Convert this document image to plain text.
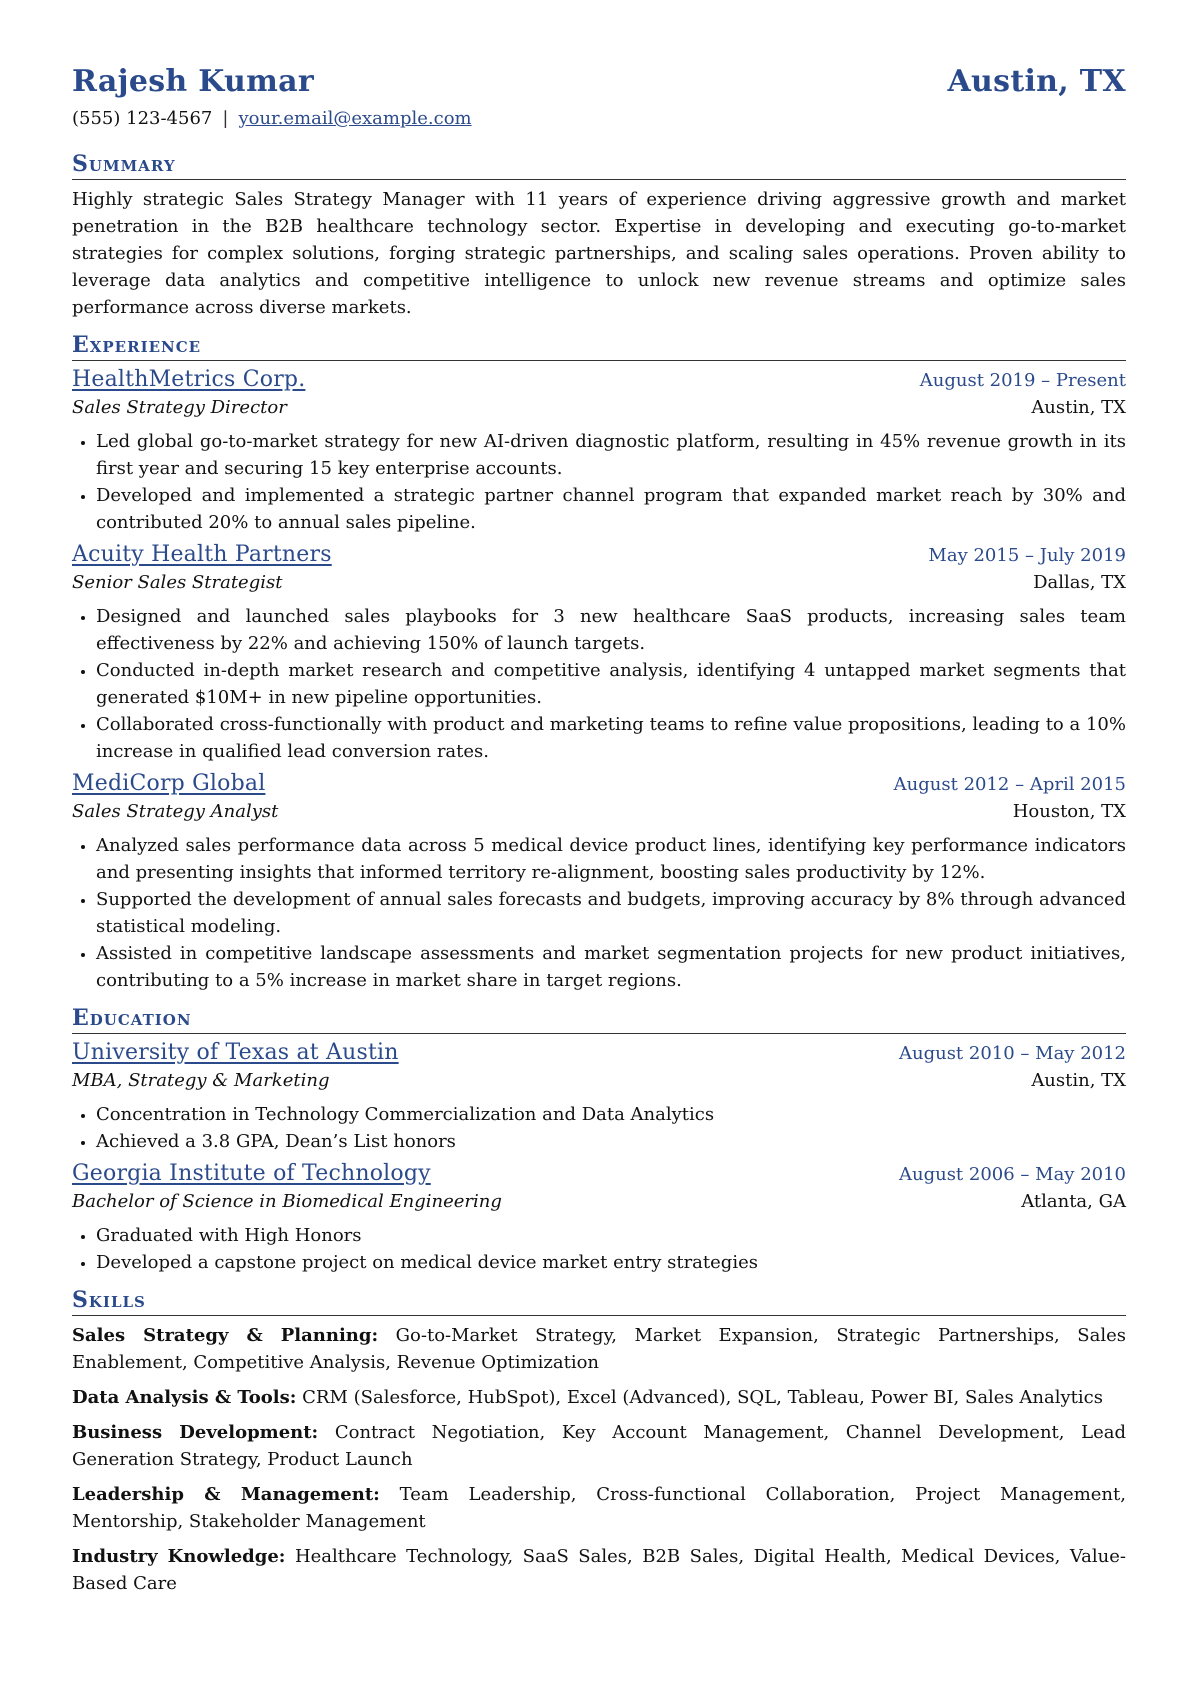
Rajesh Kumar	Austin, TX
(555) 123-4567 | your.email@example.com
Summary

Highly strategic Sales Strategy Manager with 11 years of experience driving aggressive growth and market penetration in the B2B healthcare technology sector. Expertise in developing and executing go-to-market strategies for complex solutions, forging strategic partnerships, and scaling sales operations. Proven ability to leverage data analytics and competitive intelligence to unlock new revenue streams and optimize sales performance across diverse markets.

Experience
HealthMetrics Corp.	August 2019 – Present
Sales Strategy Director	Austin, TX
• Led global go-to-market strategy for new AI-driven diagnostic platform, resulting in 45% revenue growth in its first year and securing 15 key enterprise accounts.
• Developed and implemented a strategic partner channel program that expanded market reach by 30% and contributed 20% to annual sales pipeline.
Acuity Health Partners	May 2015 – July 2019
Senior Sales Strategist	Dallas, TX
• Designed and launched sales playbooks for 3 new healthcare SaaS products, increasing sales team effectiveness by 22% and achieving 150% of launch targets.
• Conducted in-depth market research and competitive analysis, identifying 4 untapped market segments that generated $10M+ in new pipeline opportunities.
• Collaborated cross-functionally with product and marketing teams to refine value propositions, leading to a 10% increase in qualified lead conversion rates.
MediCorp Global	August 2012 – April 2015
Sales Strategy Analyst	Houston, TX
• Analyzed sales performance data across 5 medical device product lines, identifying key performance indicators and presenting insights that informed territory re-alignment, boosting sales productivity by 12%.
• Supported the development of annual sales forecasts and budgets, improving accuracy by 8% through advanced statistical modeling.
• Assisted in competitive landscape assessments and market segmentation projects for new product initiatives, contributing to a 5% increase in market share in target regions.
Education
University of Texas at Austin	August 2010 – May 2012
MBA, Strategy & Marketing	Austin, TX
• Concentration in Technology Commercialization and Data Analytics
• Achieved a 3.8 GPA, Dean’s List honors
Georgia Institute of Technology	August 2006 – May 2010
Bachelor of Science in Biomedical Engineering	Atlanta, GA
• Graduated with High Honors
• Developed a capstone project on medical device market entry strategies
Skills

Sales Strategy & Planning: Go-to-Market Strategy, Market Expansion, Strategic Partnerships, Sales Enablement, Competitive Analysis, Revenue Optimization

Data Analysis & Tools: CRM (Salesforce, HubSpot), Excel (Advanced), SQL, Tableau, Power BI, Sales Analytics

Business Development: Contract Negotiation, Key Account Management, Channel Development, Lead Generation Strategy, Product Launch

Leadership & Management: Team Leadership, Cross-functional Collaboration, Project Management, Mentorship, Stakeholder Management

Industry Knowledge: Healthcare Technology, SaaS Sales, B2B Sales, Digital Health, Medical Devices, Value-Based Care
